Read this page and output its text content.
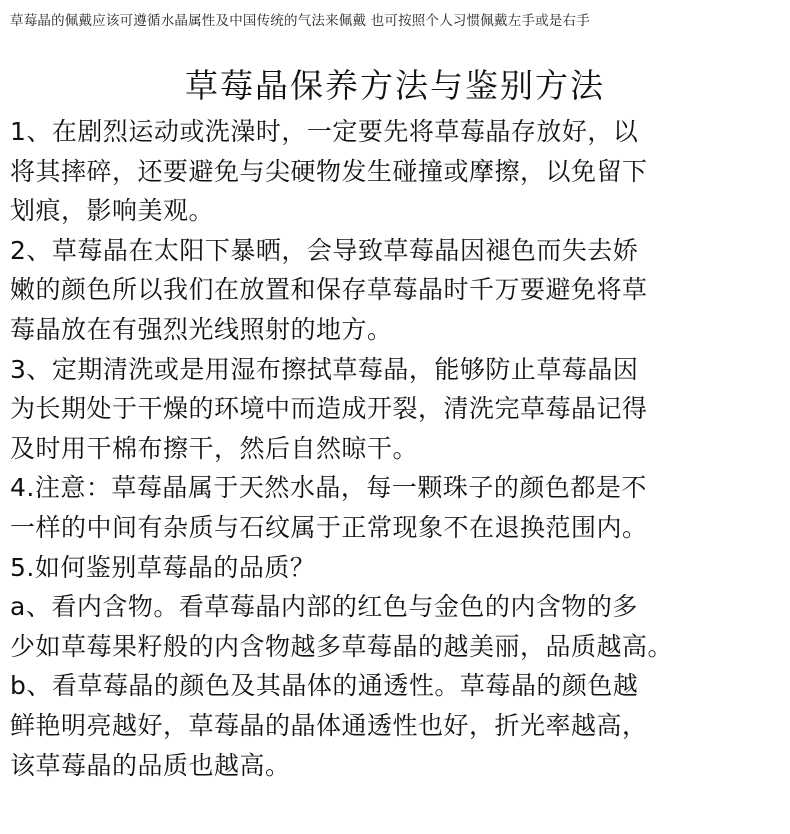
草莓晶的佩戴应该可遵循水晶属性及中国传统的气法来佩戴 也可按照个人习惯佩戴左手或是右手
草莓晶保养方法与鉴别方法
1、在剧烈运动或洗澡时，一定要先将草莓晶存放好，以
将其摔碎，还要避免与尖硬物发生碰撞或摩擦，以免留下
划痕，影响美观。
2、草莓晶在太阳下暴晒，会导致草莓晶因褪色而失去娇
嫩的颜色所以我们在放置和保存草莓晶时千万要避免将草
莓晶放在有强烈光线照射的地方。
3、定期清洗或是用湿布擦拭草莓晶，能够防止草莓晶因
为长期处于干燥的环境中而造成开裂，清洗完草莓晶记得
及时用干棉布擦干，然后自然晾干。
4.注意：草莓晶属于天然水晶，每一颗珠子的颜色都是不
一样的中间有杂质与石纹属于正常现象不在退换范围内。
5.如何鉴别草莓晶的品质？
a、看内含物。看草莓晶内部的红色与金色的内含物的多
少如草莓果籽般的内含物越多草莓晶的越美丽，品质越高。
b、看草莓晶的颜色及其晶体的通透性。草莓晶的颜色越
鲜艳明亮越好，草莓晶的晶体通透性也好，折光率越高，
该草莓晶的品质也越高。
